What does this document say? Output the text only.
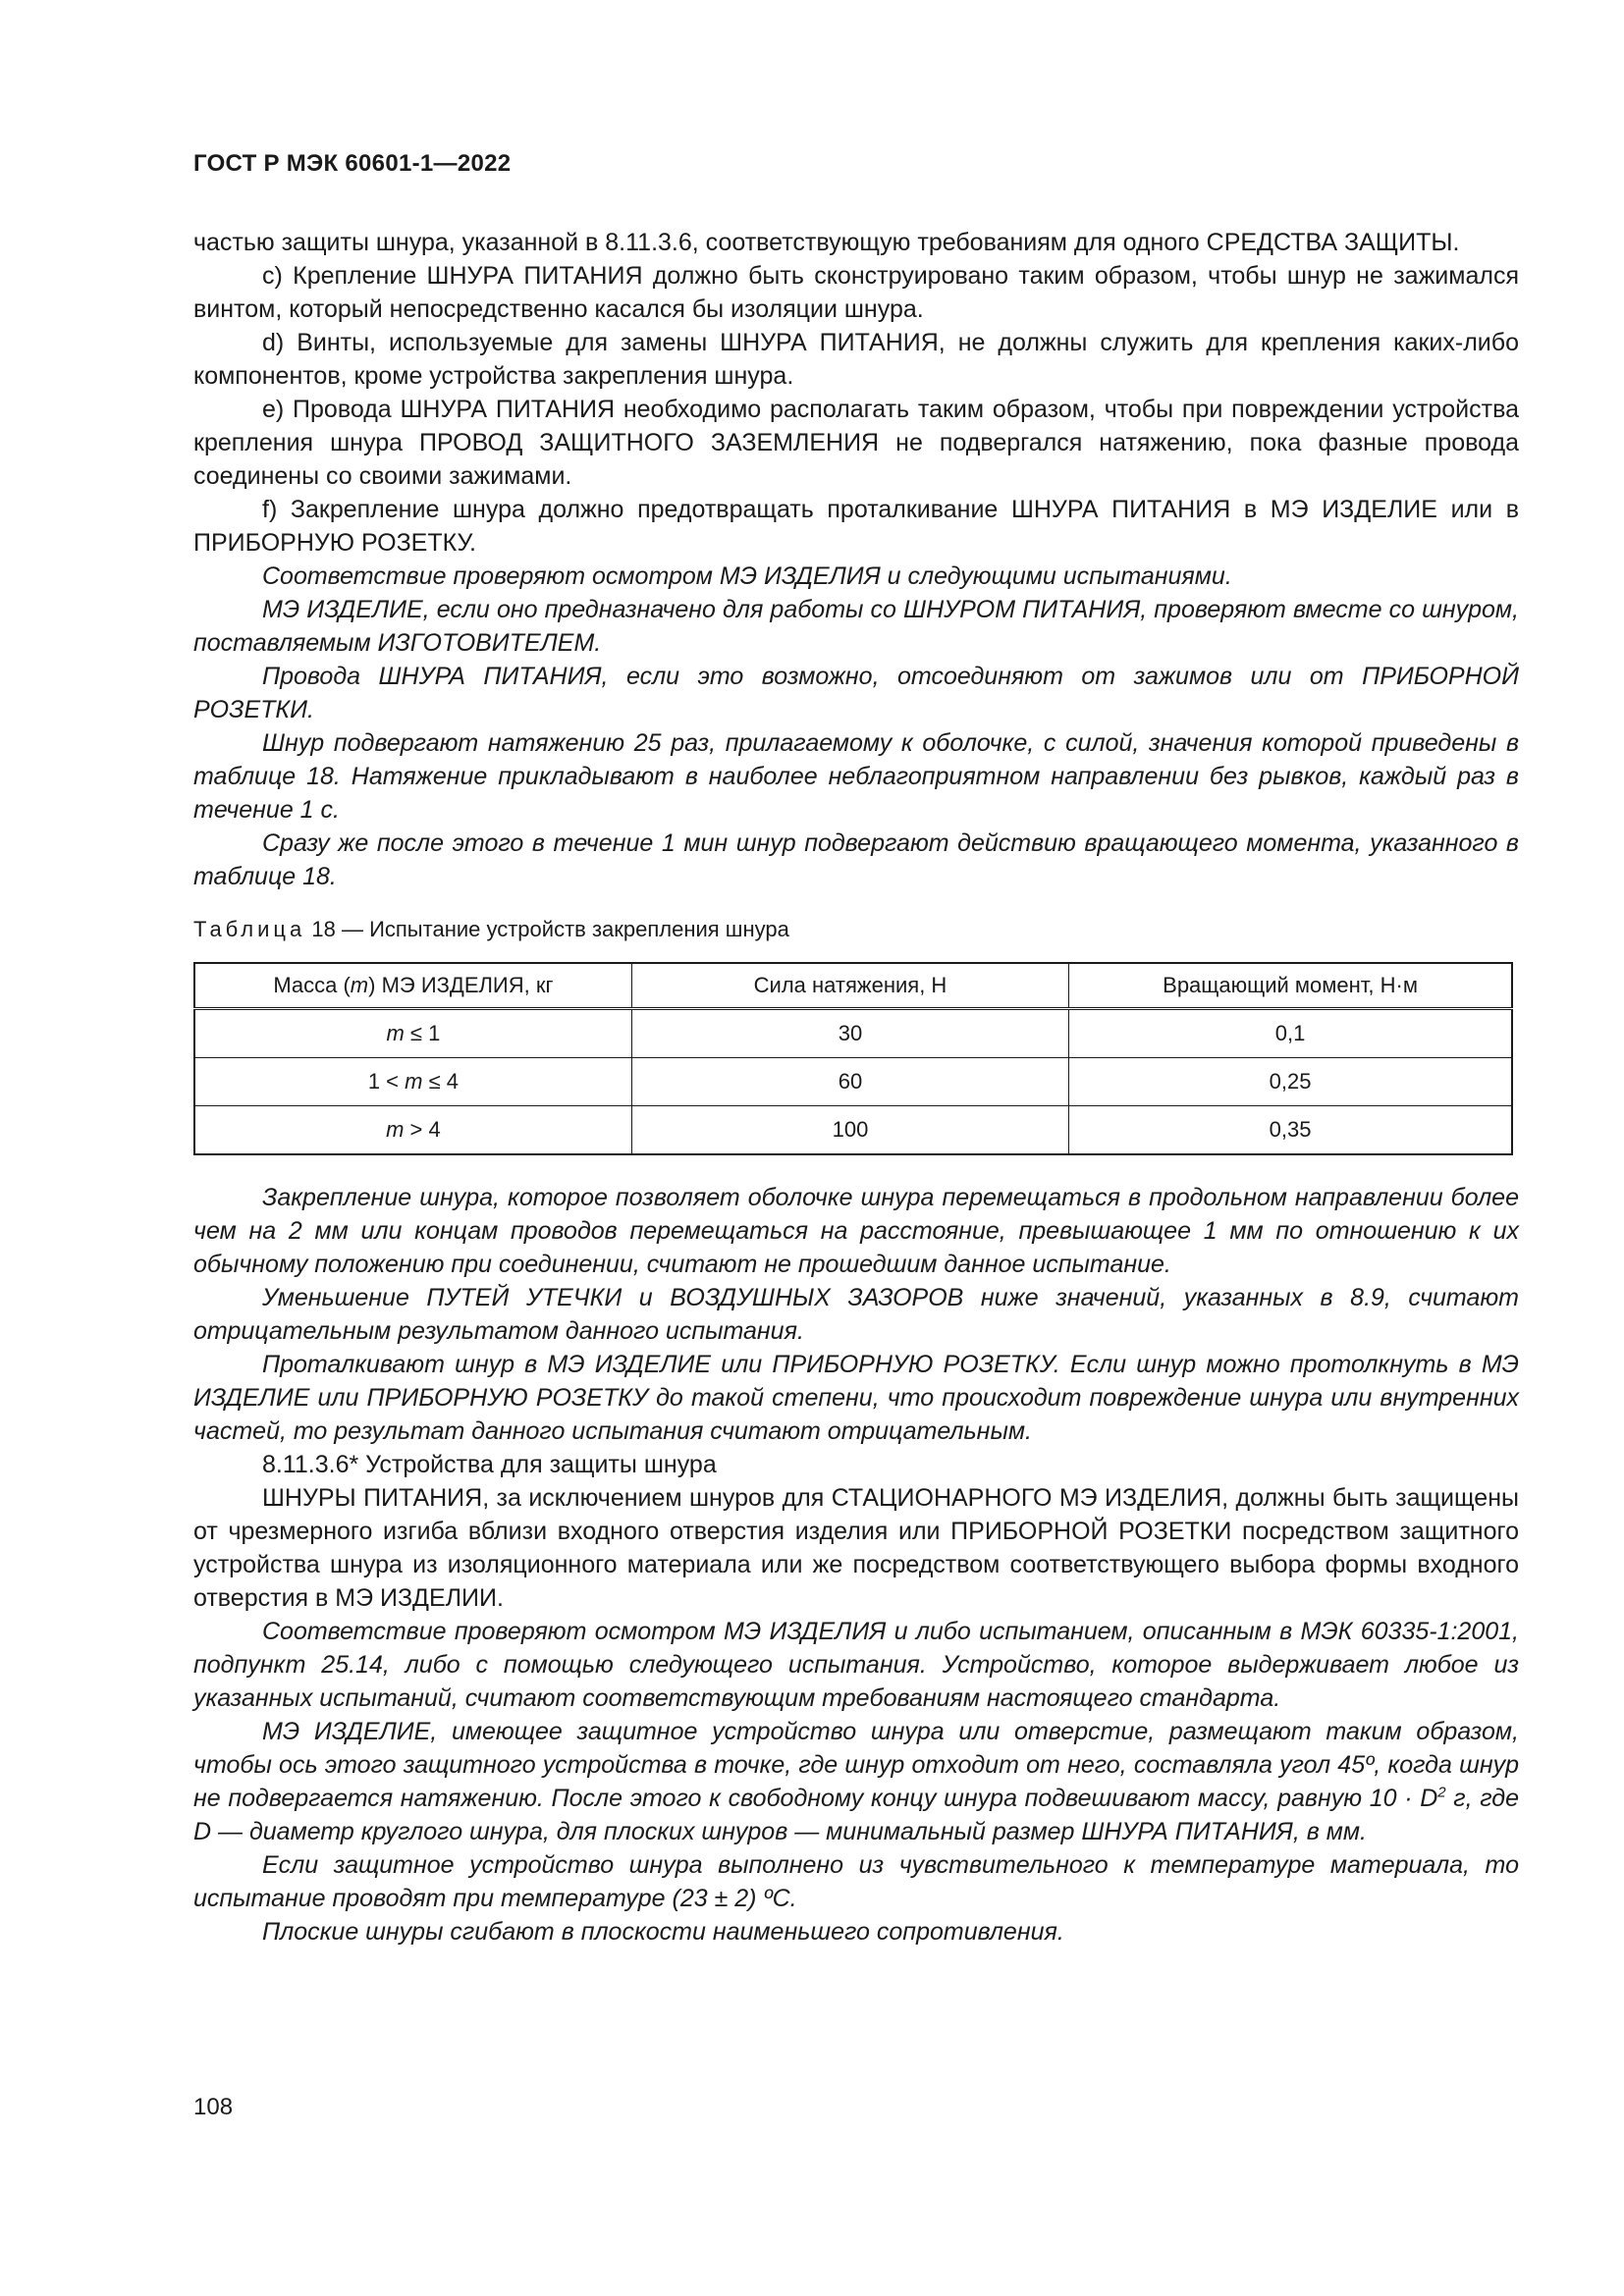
ГОСТ Р МЭК 60601-1—2022

частью защиты шнура, указанной в 8.11.3.6, соответствующую требованиям для одного СРЕДСТВА ЗАЩИТЫ.

c) Крепление ШНУРА ПИТАНИЯ должно быть сконструировано таким образом, чтобы шнур не зажимался винтом, который непосредственно касался бы изоляции шнура.

d) Винты, используемые для замены ШНУРА ПИТАНИЯ, не должны служить для крепления каких-либо компонентов, кроме устройства закрепления шнура.

e) Провода ШНУРА ПИТАНИЯ необходимо располагать таким образом, чтобы при повреждении устройства крепления шнура ПРОВОД ЗАЩИТНОГО ЗАЗЕМЛЕНИЯ не подвергался натяжению, пока фазные провода соединены со своими зажимами.

f) Закрепление шнура должно предотвращать проталкивание ШНУРА ПИТАНИЯ в МЭ ИЗДЕЛИЕ или в ПРИБОРНУЮ РОЗЕТКУ.

Соответствие проверяют осмотром МЭ ИЗДЕЛИЯ и следующими испытаниями.

МЭ ИЗДЕЛИЕ, если оно предназначено для работы со ШНУРОМ ПИТАНИЯ, проверяют вместе со шнуром, поставляемым ИЗГОТОВИТЕЛЕМ.

Провода ШНУРА ПИТАНИЯ, если это возможно, отсоединяют от зажимов или от ПРИБОРНОЙ РОЗЕТКИ.

Шнур подвергают натяжению 25 раз, прилагаемому к оболочке, с силой, значения которой приведены в таблице 18. Натяжение прикладывают в наиболее неблагоприятном направлении без рывков, каждый раз в течение 1 с.

Сразу же после этого в течение 1 мин шнур подвергают действию вращающего момента, указанного в таблице 18.

Таблица 18 — Испытание устройств закрепления шнура
Масса (m) МЭ ИЗДЕЛИЯ, кг	Сила натяжения, Н	Вращающий момент, Н·м
m ≤ 1	30	0,1
1 < m ≤ 4	60	0,25
m > 4	100	0,35

Закрепление шнура, которое позволяет оболочке шнура перемещаться в продольном направлении более чем на 2 мм или концам проводов перемещаться на расстояние, превышающее 1 мм по отношению к их обычному положению при соединении, считают не прошедшим данное испытание.

Уменьшение ПУТЕЙ УТЕЧКИ и ВОЗДУШНЫХ ЗАЗОРОВ ниже значений, указанных в 8.9, считают отрицательным результатом данного испытания.

Проталкивают шнур в МЭ ИЗДЕЛИЕ или ПРИБОРНУЮ РОЗЕТКУ. Если шнур можно протолкнуть в МЭ ИЗДЕЛИЕ или ПРИБОРНУЮ РОЗЕТКУ до такой степени, что происходит повреждение шнура или внутренних частей, то результат данного испытания считают отрицательным.

8.11.3.6* Устройства для защиты шнура

ШНУРЫ ПИТАНИЯ, за исключением шнуров для СТАЦИОНАРНОГО МЭ ИЗДЕЛИЯ, должны быть защищены от чрезмерного изгиба вблизи входного отверстия изделия или ПРИБОРНОЙ РОЗЕТКИ посредством защитного устройства шнура из изоляционного материала или же посредством соответствующего выбора формы входного отверстия в МЭ ИЗДЕЛИИ.

Соответствие проверяют осмотром МЭ ИЗДЕЛИЯ и либо испытанием, описанным в МЭК 60335-1:2001, подпункт 25.14, либо с помощью следующего испытания. Устройство, которое выдерживает любое из указанных испытаний, считают соответствующим требованиям настоящего стандарта.

МЭ ИЗДЕЛИЕ, имеющее защитное устройство шнура или отверстие, размещают таким образом, чтобы ось этого защитного устройства в точке, где шнур отходит от него, составляла угол 45º, когда шнур не подвергается натяжению. После этого к свободному концу шнура подвешивают массу, равную $10 \cdot D^2$ г, где D — диаметр круглого шнура, для плоских шнуров — минимальный размер ШНУРА ПИТАНИЯ, в мм.

Если защитное устройство шнура выполнено из чувствительного к температуре материала, то испытание проводят при температуре (23 ± 2) ºС.

Плоские шнуры сгибают в плоскости наименьшего сопротивления.

108
